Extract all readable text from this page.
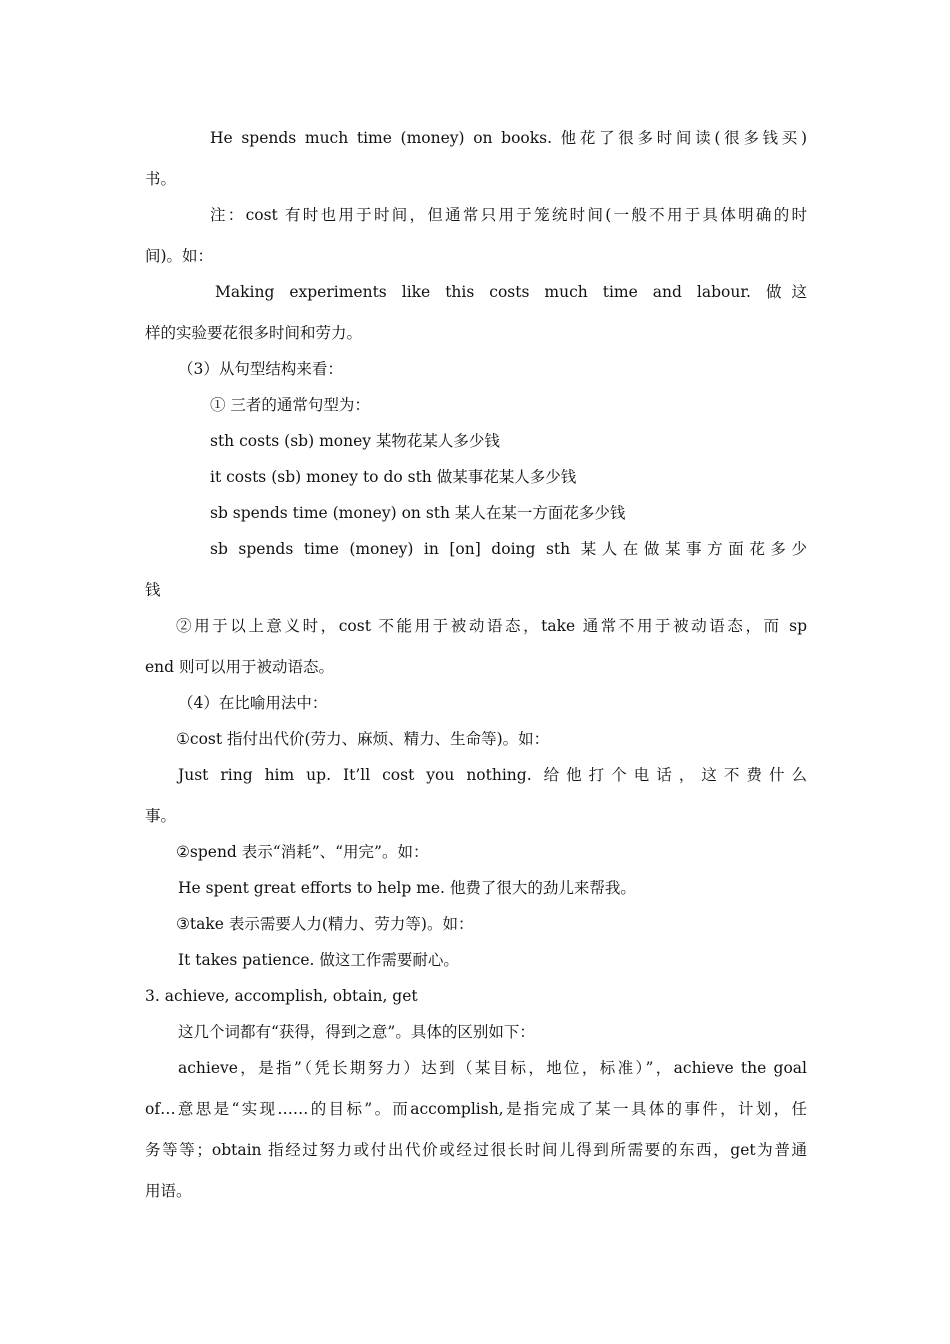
He spends much time (money) on books. 他花了很多时间读(很多钱买)
书。
注：cost 有时也用于时间，但通常只用于笼统时间(一般不用于具体明确的时
间)。如：
Making experiments like this costs much time and labour. 做这
样的实验要花很多时间和劳力。
（3）从句型结构来看：
① 三者的通常句型为：
sth costs (sb) money 某物花某人多少钱
it costs (sb) money to do sth 做某事花某人多少钱
sb spends time (money) on sth 某人在某一方面花多少钱
sb spends time (money) in [on] doing sth 某人在做某事方面花多少
钱
②用于以上意义时，cost 不能用于被动语态，take 通常不用于被动语态，而 sp
end 则可以用于被动语态。
（4）在比喻用法中：
①cost 指付出代价(劳力、麻烦、精力、生命等)。如：
Just ring him up. It’ll cost you nothing. 给他打个电话，这不费什么
事。
②spend 表示“消耗”、“用完”。如：
He spent great efforts to help me. 他费了很大的劲儿来帮我。
③take 表示需要人力(精力、劳力等)。如：
It takes patience. 做这工作需要耐心。
3. achieve, accomplish, obtain, get
这几个词都有“获得，得到之意”。具体的区别如下：
achieve，是指”（凭长期努力）达到（某目标，地位，标准）”，achieve the goal
of…意思是“实现……的目标”。而accomplish,是指完成了某一具体的事件，计划，任
务等等；obtain 指经过努力或付出代价或经过很长时间儿得到所需要的东西，get为普通
用语。
